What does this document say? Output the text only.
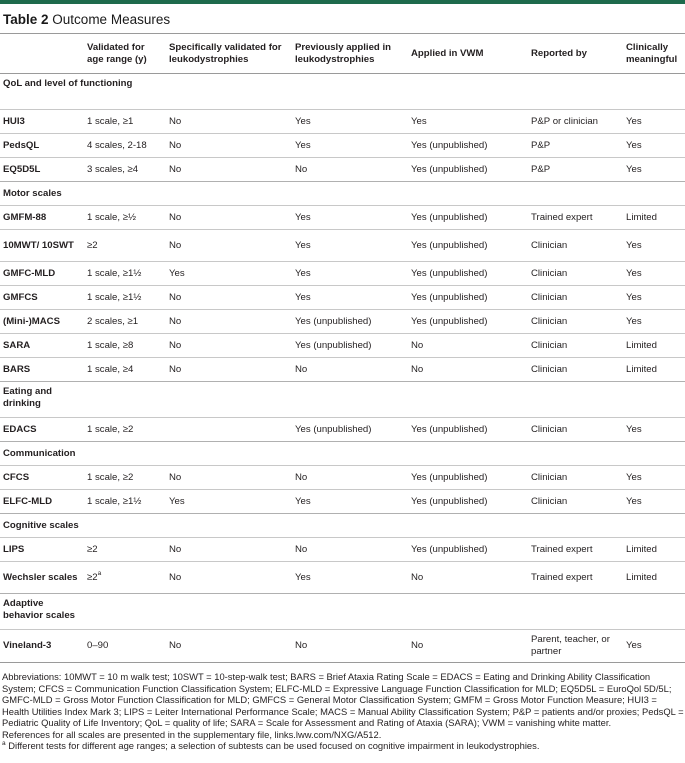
Table 2 Outcome Measures
	Validated for age range (y)	Specifically validated for leukodystrophies	Previously applied in leukodystrophies	Applied in VWM	Reported by	Clinically meaningful
QoL and level of functioning						
HUI3	1 scale, ≥1	No	Yes	Yes	P&P or clinician	Yes
PedsQL	4 scales, 2-18	No	Yes	Yes (unpublished)	P&P	Yes
EQ5D5L	3 scales, ≥4	No	No	Yes (unpublished)	P&P	Yes
Motor scales						
GMFM-88	1 scale, ≥½	No	Yes	Yes (unpublished)	Trained expert	Limited

10MWT/ 10SWT	≥2	No	Yes	Yes (unpublished)	Clinician	Yes
GMFC-MLD	1 scale, ≥1½	Yes	Yes	Yes (unpublished)	Clinician	Yes
GMFCS	1 scale, ≥1½	No	Yes	Yes (unpublished)	Clinician	Yes
(Mini-)MACS	2 scales, ≥1	No	Yes (unpublished)	Yes (unpublished)	Clinician	Yes
SARA	1 scale, ≥8	No	Yes (unpublished)	No	Clinician	Limited
BARS	1 scale, ≥4	No	No	No	Clinician	Limited

Eating and drinking						

EDACS	1 scale, ≥2		Yes (unpublished)	Yes (unpublished)	Clinician	Yes
Communication						
CFCS	1 scale, ≥2	No	No	Yes (unpublished)	Clinician	Yes
ELFC-MLD	1 scale, ≥1½	Yes	Yes	Yes (unpublished)	Clinician	Yes
Cognitive scales						
LIPS	≥2	No	No	Yes (unpublished)	Trained expert	Limited

Wechsler scales	$\ge 2^a$	No	Yes	No	Trained expert	Limited

Adaptive behavior scales						

Vineland-3	0–90	No	No	No	Parent, teacher, or partner	Yes

Abbreviations: 10MWT = 10 m walk test; 10SWT = 10-step-walk test; BARS = Brief Ataxia Rating Scale = EDACS = Eating and Drinking Ability Classification System; CFCS = Communication Function Classification System; ELFC-MLD = Expressive Language Function Classification for MLD; EQ5D5L = EuroQol 5D/5L; GMFC-MLD = Gross Motor Function Classification for MLD; GMFCS = General Motor Classification System; GMFM = Gross Motor Function Measure; HUI3 = Health Utilities Index Mark 3; LIPS = Leiter International Performance Scale; MACS = Manual Ability Classification System; P&P = patients and/or proxies; PedsQL = Pediatric Quality of Life Inventory; QoL = quality of life; SARA = Scale for Assessment and Rating of Ataxia (SARA); VWM = vanishing white matter.

References for all scales are presented in the supplementary file, links.lww.com/NXG/A512.

$^a$ Different tests for different age ranges; a selection of subtests can be used focused on cognitive impairment in leukodystrophies.
